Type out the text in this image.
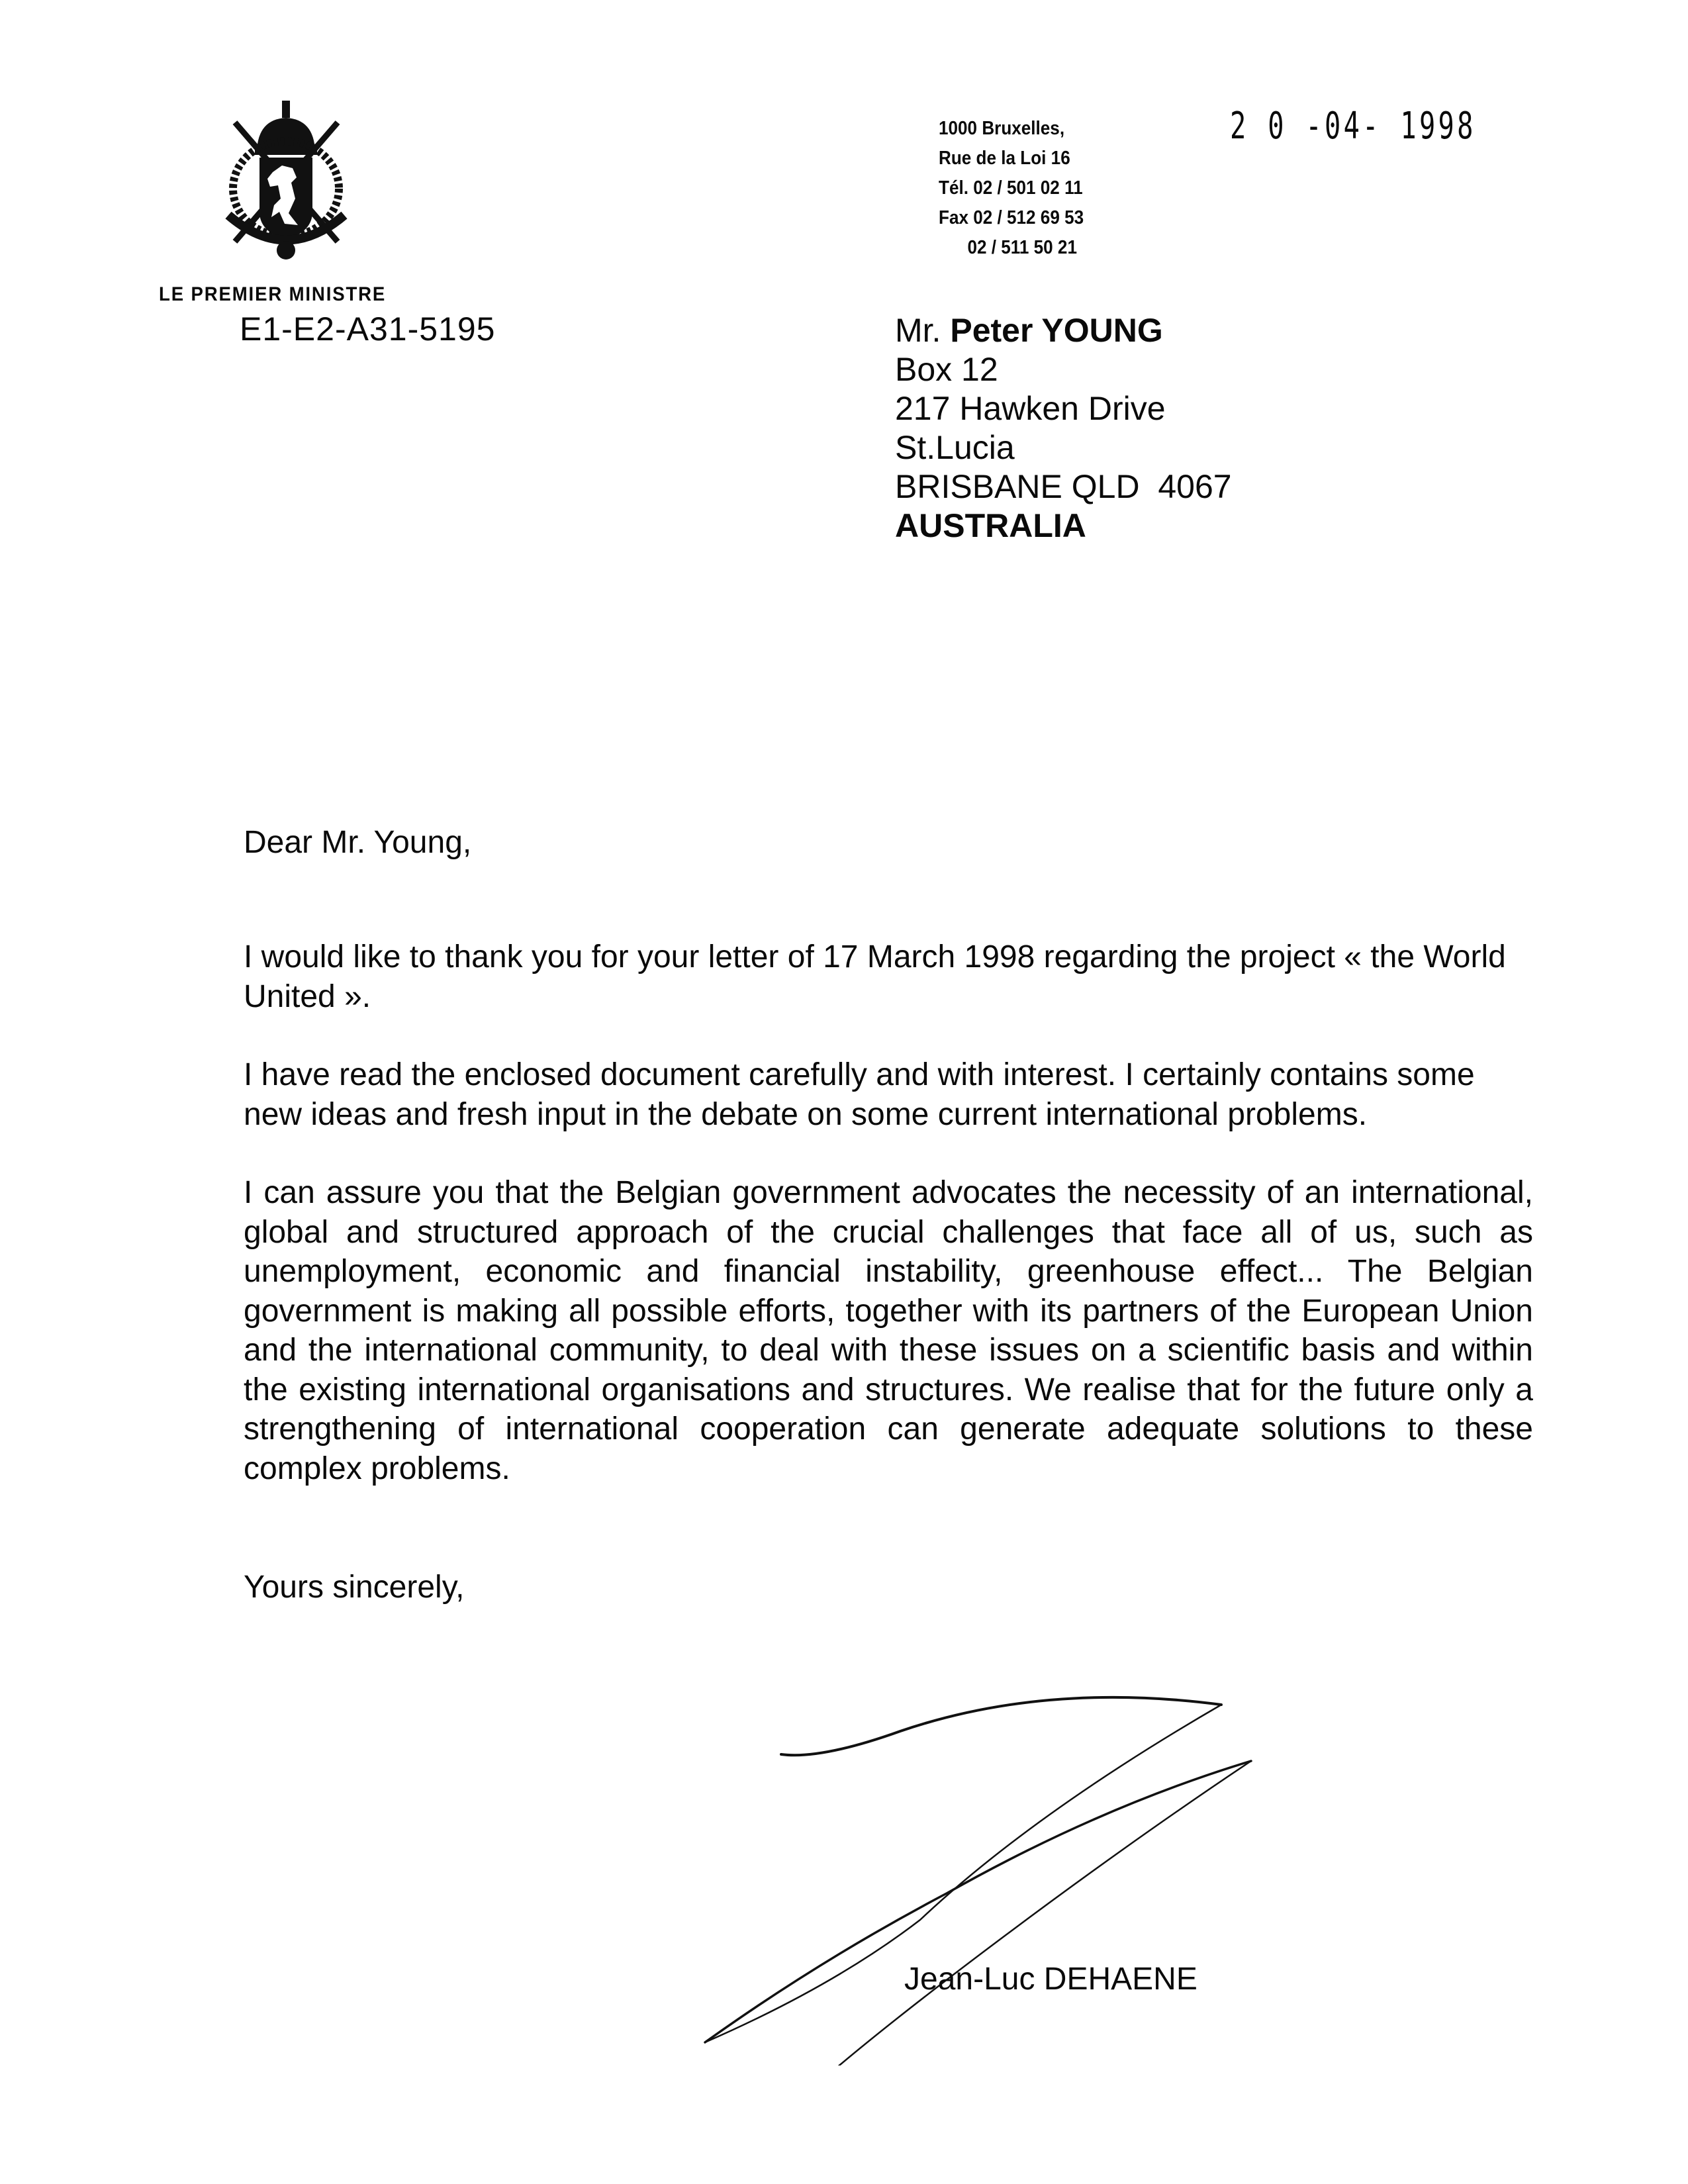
LE PREMIER MINISTRE
E1-E2-A31-5195
1000 Bruxelles,
Rue de la Loi 16
Tél. 02 / 501 02 11
Fax 02 / 512 69 53
02 / 511 50 21
2 0 -04- 1998
Mr. Peter YOUNG
Box 12
217 Hawken Drive
St.Lucia
BRISBANE QLD  4067
AUSTRALIA
Dear Mr. Young,
I would like to thank you for your letter of 17 March 1998 regarding the project « the World United ».
I have read the enclosed document carefully and with interest. I certainly contains some new ideas and fresh input in the debate on some current international problems.
I can assure you that the Belgian government advocates the necessity of an international, global and structured approach of the crucial challenges that face all of us, such as unemployment, economic and financial instability, greenhouse effect... The Belgian government is making all possible efforts, together with its partners of the European Union and the international community, to deal with these issues on a scientific basis and within the existing international organisations and structures. We realise that for the future only a strengthening of international cooperation can generate adequate solutions to these complex problems.
Yours sincerely,
Jean-Luc DEHAENE
